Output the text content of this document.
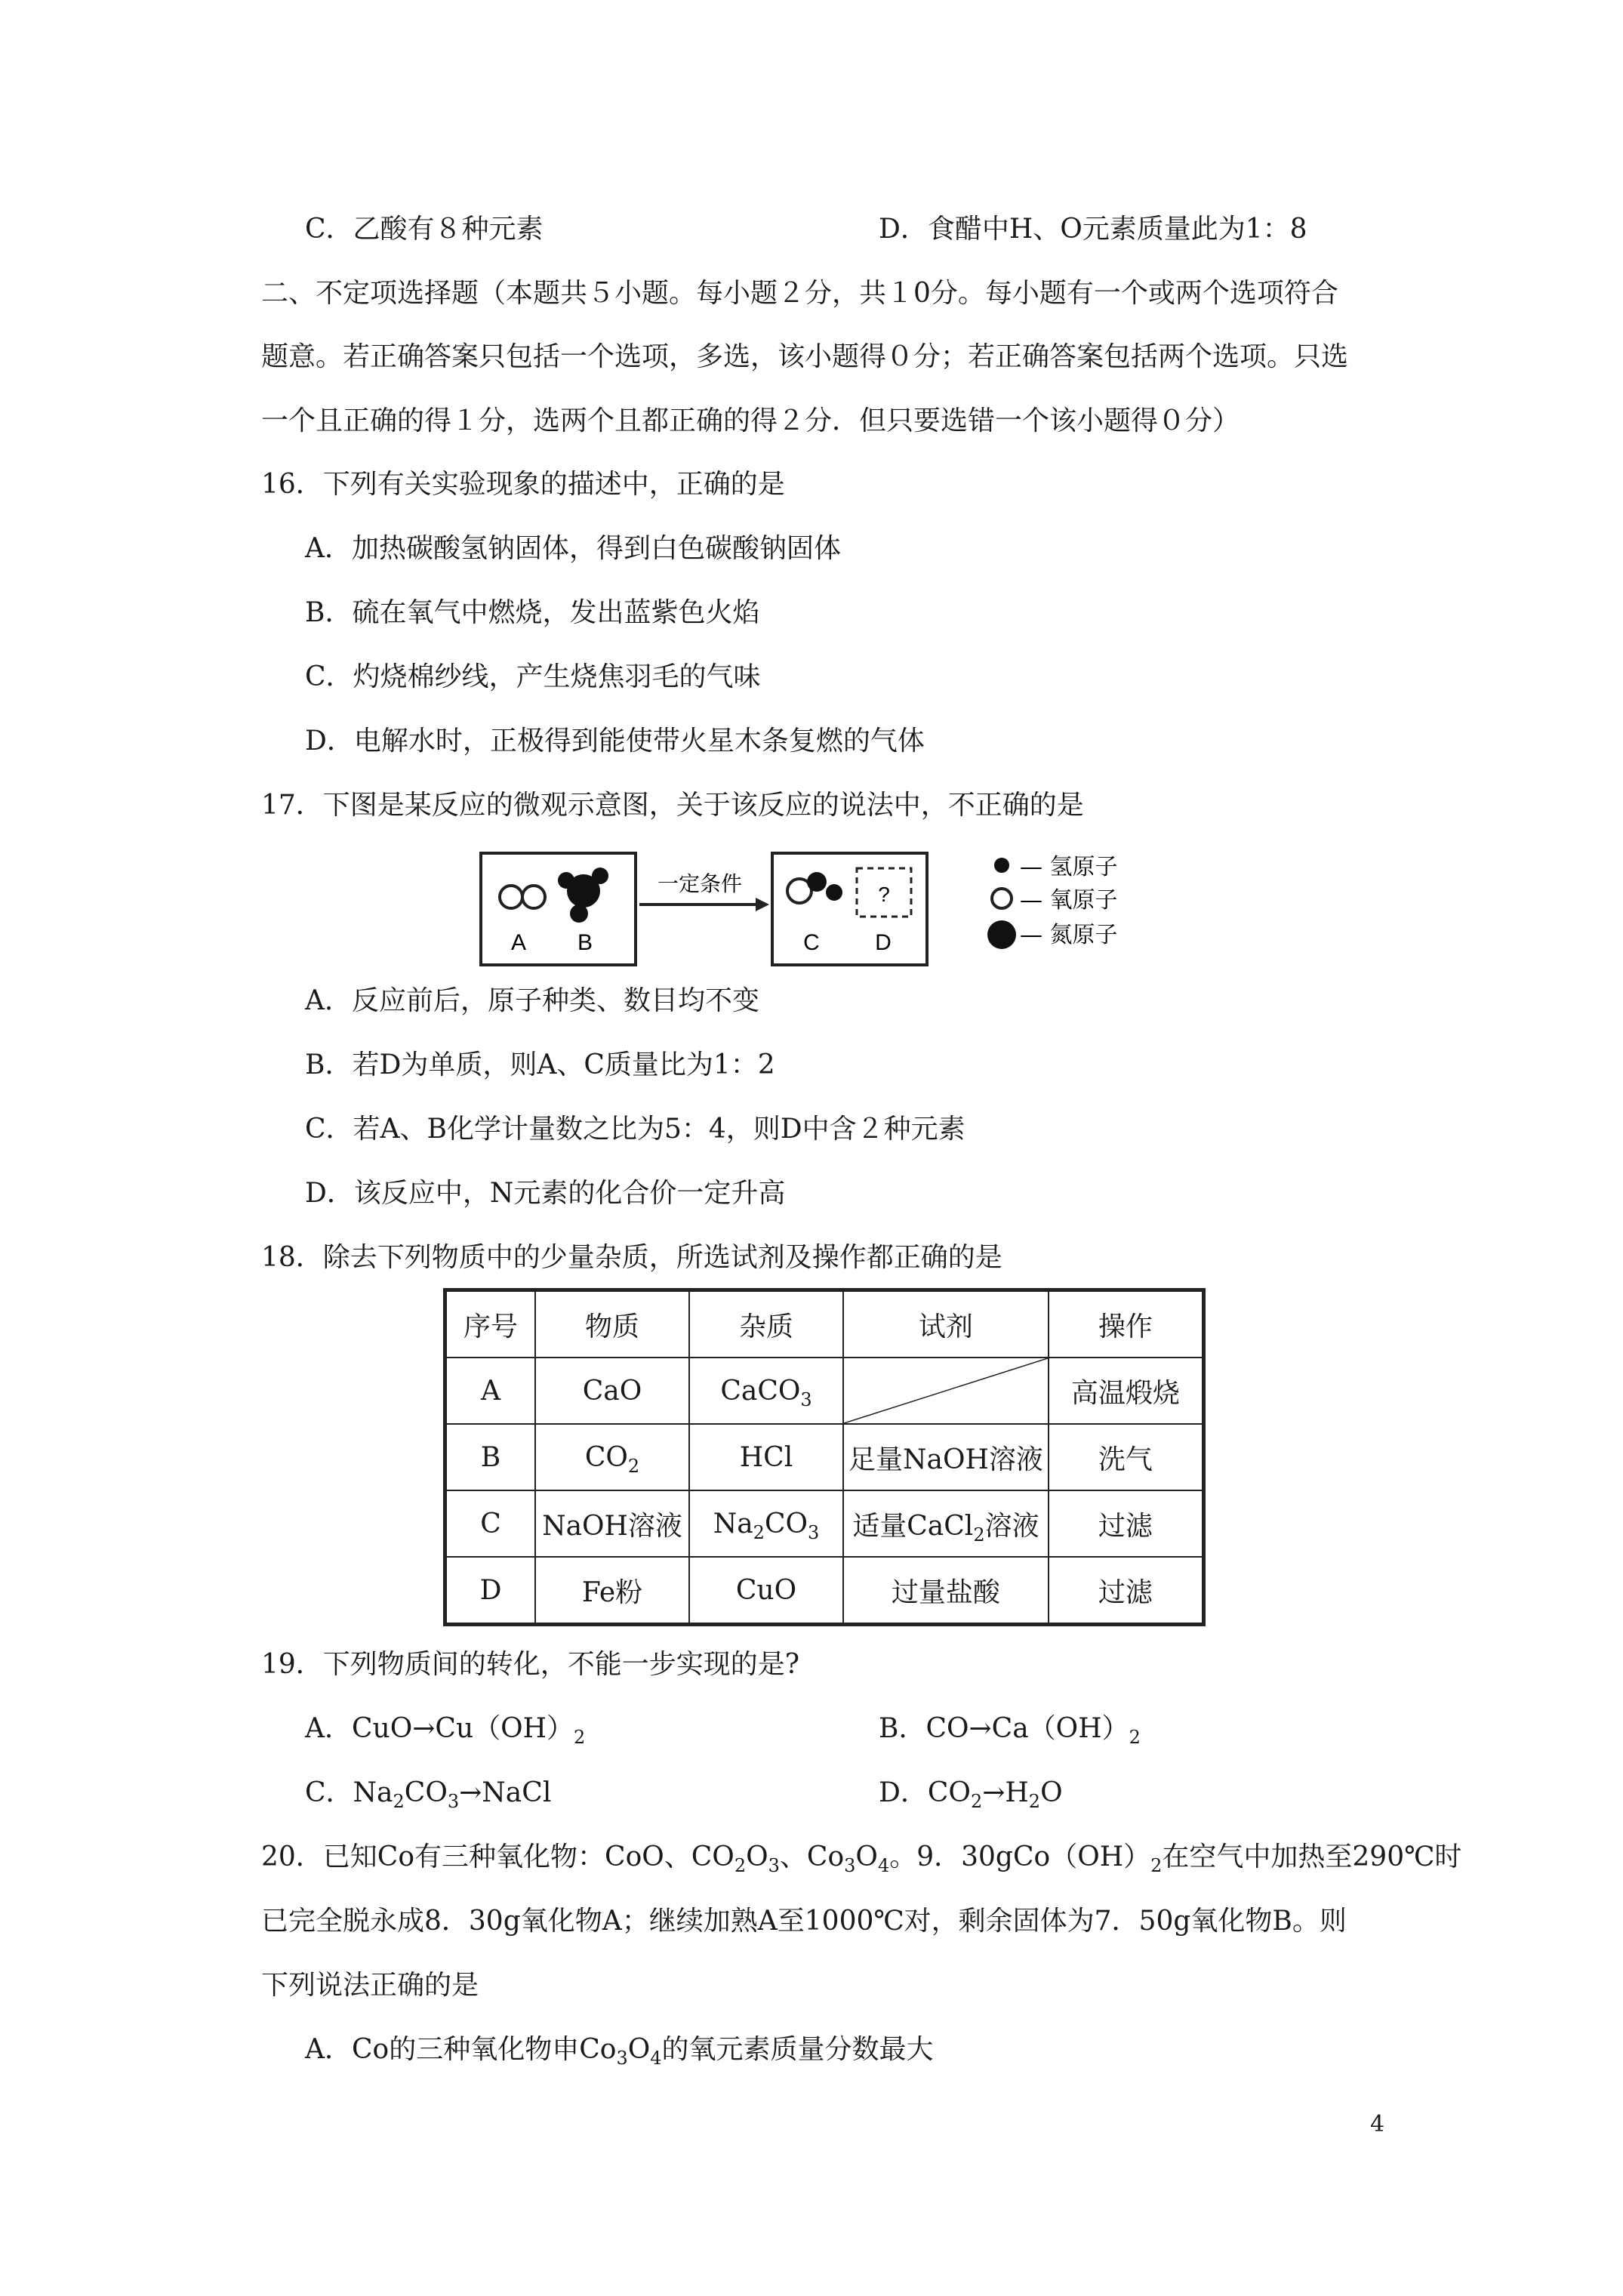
C．乙酸有８种元素	D．食醋中H、O元素质量此为1：8
二、不定项选择题（本题共５小题。每小题２分，共１0分。每小题有一个或两个选项符合
题意。若正确答案只包括一个选项，多选，该小题得０分；若正确答案包括两个选项。只选
一个且正确的得１分，选两个且都正确的得２分．但只要选错一个该小题得０分）
16．下列有关实验现象的描述中，正确的是
A．加热碳酸氢钠固体，得到白色碳酸钠固体
B．硫在氧气中燃烧，发出蓝紫色火焰
C．灼烧棉纱线，产生烧焦羽毛的气味
D．电解水时，正极得到能使带火星木条复燃的气体
17．下图是某反应的微观示意图，关于该反应的说法中，不正确的是
A B
一定条件	?
C D
— 氢原子
— 氧原子
— 氮原子
A．反应前后，原子种类、数目均不变
B．若D为单质，则A、C质量比为1：2
C．若A、B化学计量数之比为5：4，则D中含２种元素
D．该反应中，N元素的化合价一定升高
18．除去下列物质中的少量杂质，所选试剂及操作都正确的是
序号	物质	杂质	试剂	操作
A	CaO	CaCO$_3$		高温煅烧
B	$CO_2$	HCl	足量NaOH溶液	洗气
C	NaOH溶液	$Na_2CO_3$	适量CaCl$_2$溶液	过滤
D	Fe粉	CuO	过量盐酸	过滤
19．下列物质间的转化，不能一步实现的是?
A．$CuO\to Cu(OH)_2$	B．$CO\to Ca(OH)_2$
C．$Na_2CO_3\to NaCl$	D．$CO_2\to H_2O$
20．已知Co有三种氧化物：CoO、$CO_2O_3$、$Co_3O_4$。9．$30gCo(OH)_2$在空气中加热至290℃时
已完全脱永成8．30g氧化物A；继续加熟A至1000℃对，剩余固体为7．50g氧化物B。则
下列说法正确的是
A．Co的三种氧化物申$Co_3O_4$的氧元素质量分数最大
4
